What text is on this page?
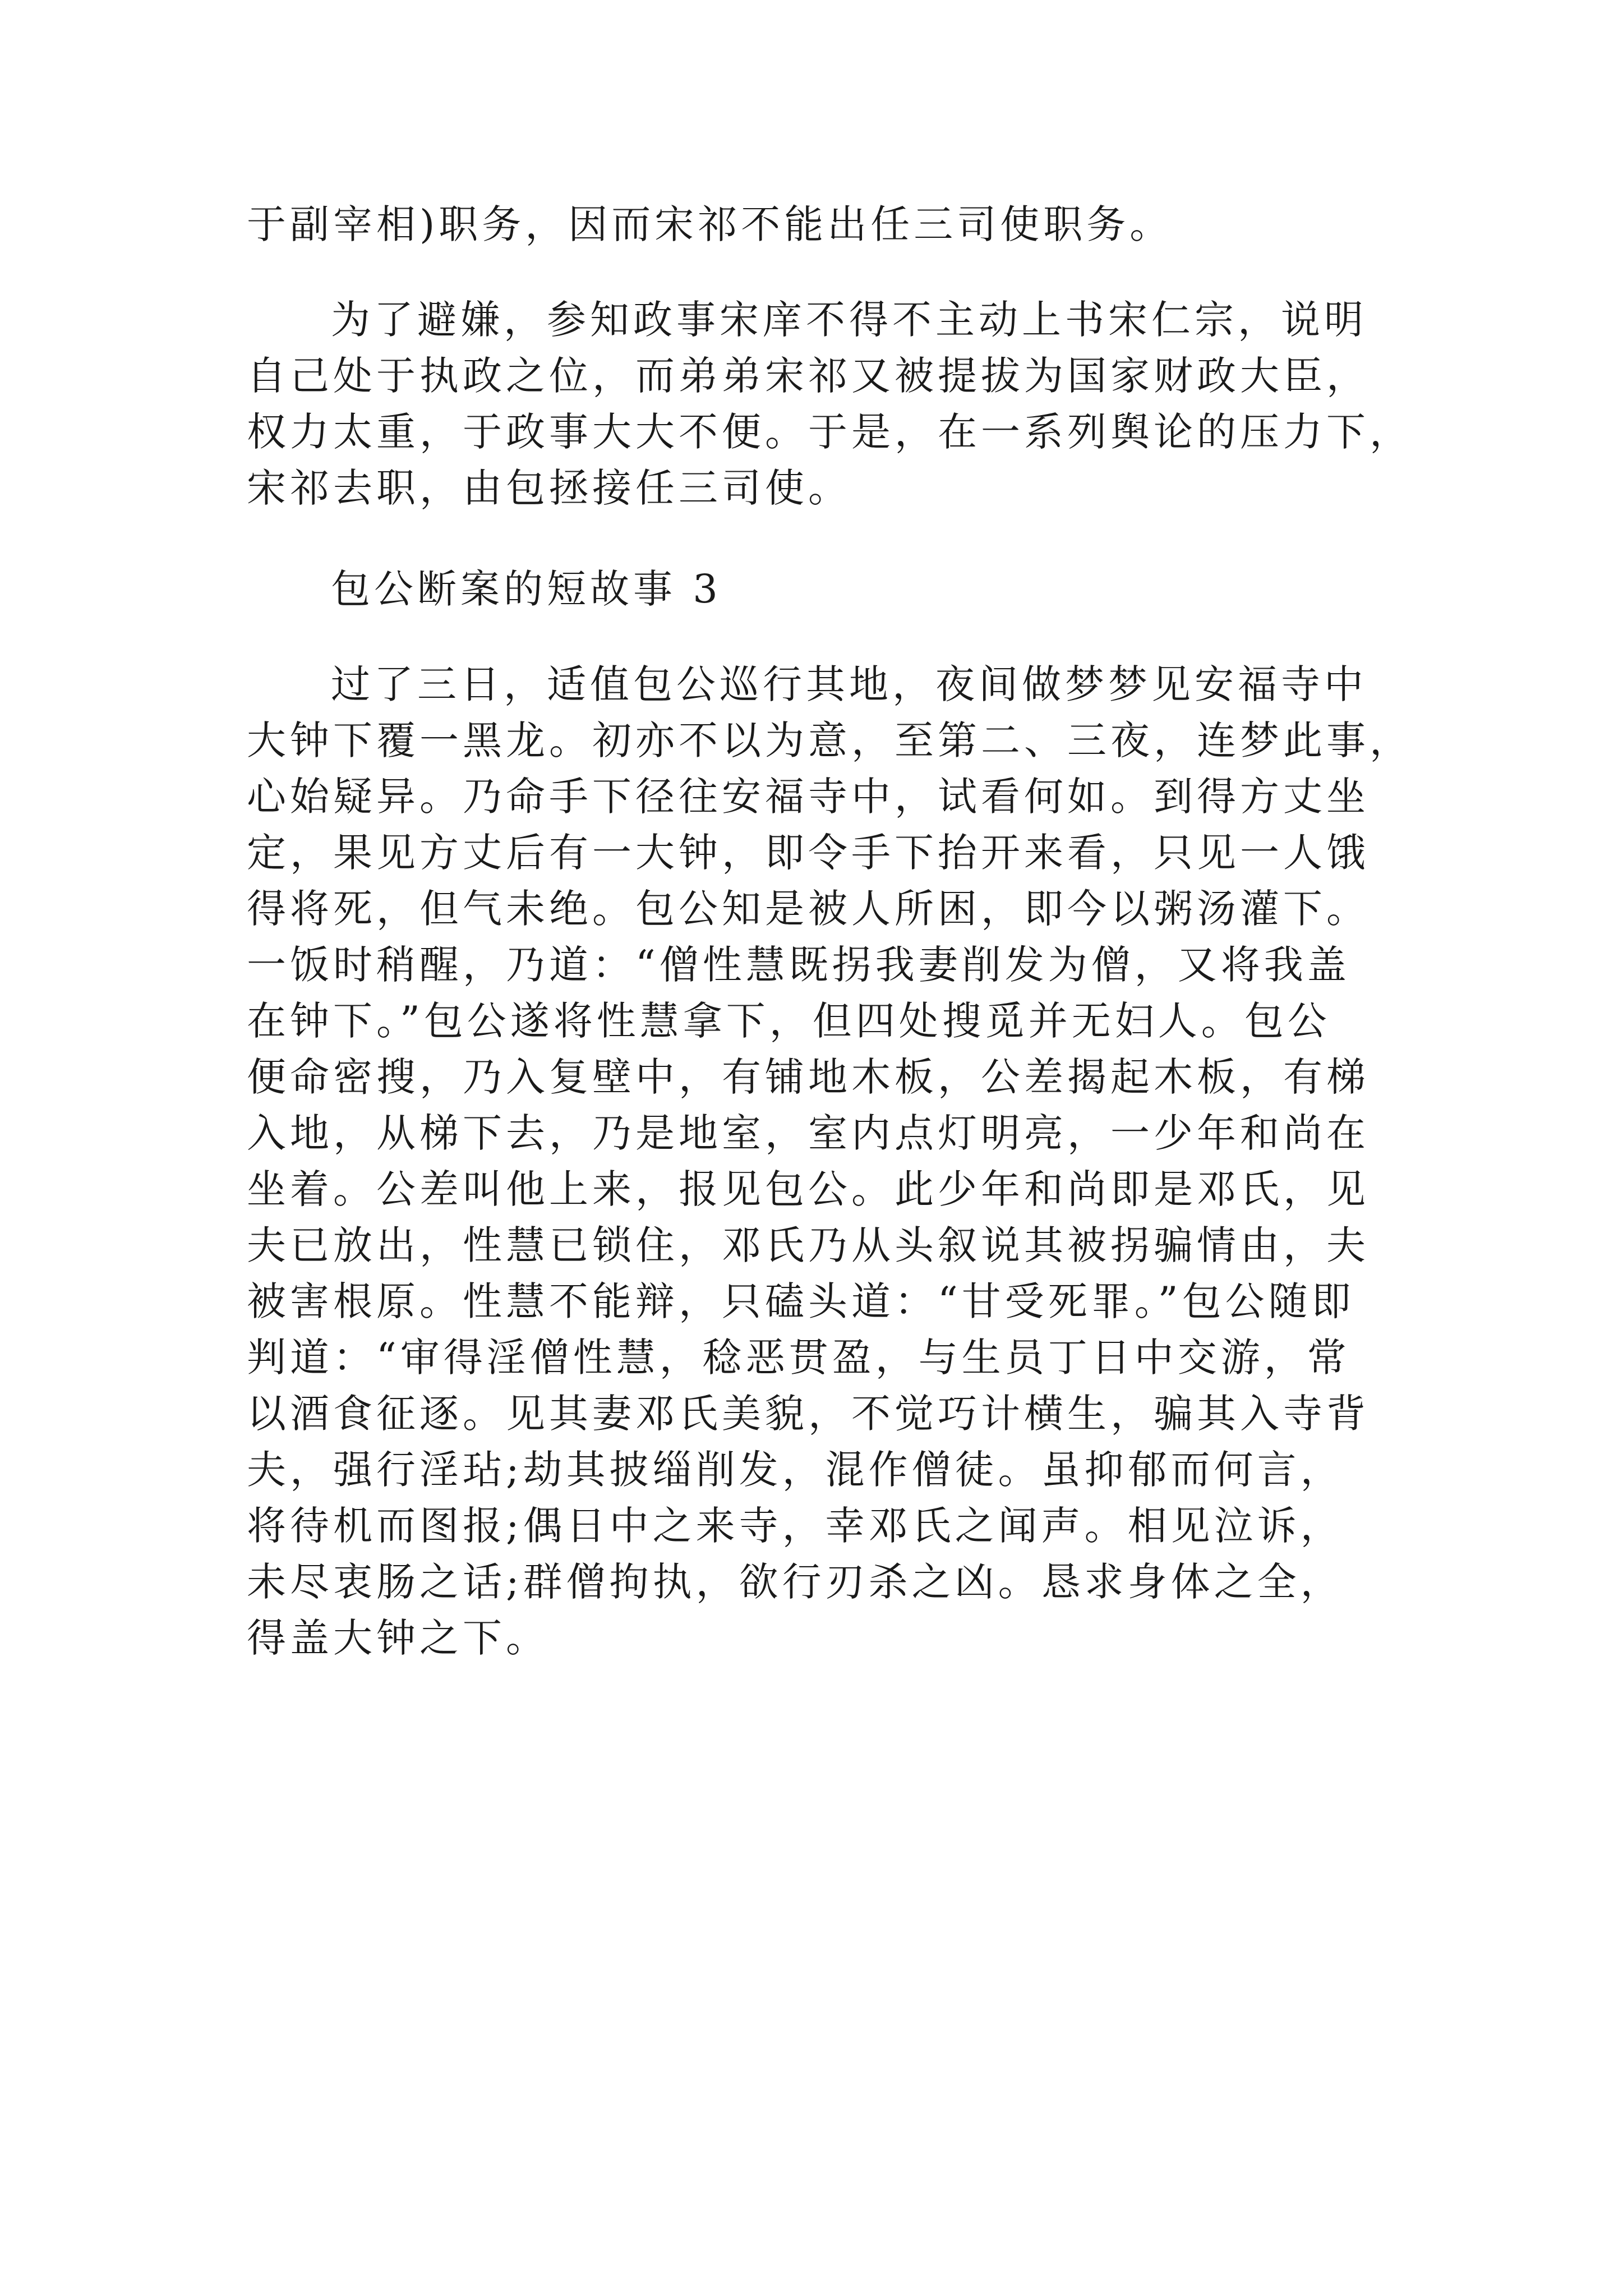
于副宰相)职务，因而宋祁不能出任三司使职务。
为了避嫌，参知政事宋庠不得不主动上书宋仁宗，说明
自己处于执政之位，而弟弟宋祁又被提拔为国家财政大臣，
权力太重，于政事大大不便。于是，在一系列舆论的压力下，
宋祁去职，由包拯接任三司使。
包公断案的短故事 3
过了三日，适值包公巡行其地，夜间做梦梦见安福寺中
大钟下覆一黑龙。初亦不以为意，至第二、三夜，连梦此事，
心始疑异。乃命手下径往安福寺中，试看何如。到得方丈坐
定，果见方丈后有一大钟，即令手下抬开来看，只见一人饿
得将死，但气未绝。包公知是被人所困，即今以粥汤灌下。
一饭时稍醒，乃道：“僧性慧既拐我妻削发为僧，又将我盖
在钟下。”包公遂将性慧拿下，但四处搜觅并无妇人。包公
便命密搜，乃入复壁中，有铺地木板，公差揭起木板，有梯
入地，从梯下去，乃是地室，室内点灯明亮，一少年和尚在
坐着。公差叫他上来，报见包公。此少年和尚即是邓氏，见
夫已放出，性慧已锁住，邓氏乃从头叙说其被拐骗情由，夫
被害根原。性慧不能辩，只磕头道：“甘受死罪。”包公随即
判道：“审得淫僧性慧，稔恶贯盈，与生员丁日中交游，常
以酒食征逐。见其妻邓氏美貌，不觉巧计横生，骗其入寺背
夫，强行淫玷;劫其披缁削发，混作僧徒。虽抑郁而何言，
将待机而图报;偶日中之来寺，幸邓氏之闻声。相见泣诉，
未尽衷肠之话;群僧拘执，欲行刃杀之凶。恳求身体之全，
得盖大钟之下。
